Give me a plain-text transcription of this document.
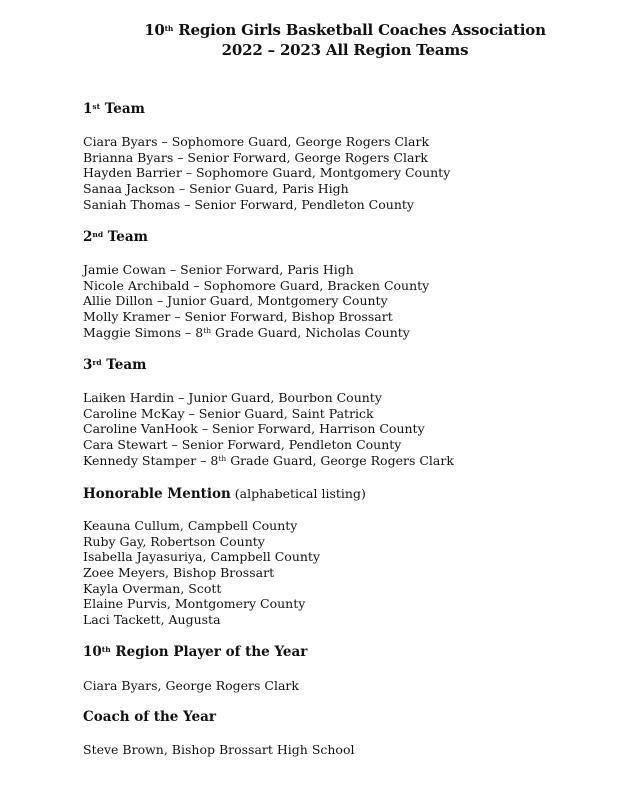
10th Region Girls Basketball Coaches Association
2022 – 2023 All Region Teams
1st Team
Ciara Byars – Sophomore Guard, George Rogers Clark
Brianna Byars – Senior Forward, George Rogers Clark
Hayden Barrier – Sophomore Guard, Montgomery County
Sanaa Jackson – Senior Guard, Paris High
Saniah Thomas – Senior Forward, Pendleton County
2nd Team
Jamie Cowan – Senior Forward, Paris High
Nicole Archibald – Sophomore Guard, Bracken County
Allie Dillon – Junior Guard, Montgomery County
Molly Kramer – Senior Forward, Bishop Brossart
Maggie Simons – 8th Grade Guard, Nicholas County
3rd Team
Laiken Hardin – Junior Guard, Bourbon County
Caroline McKay – Senior Guard, Saint Patrick
Caroline VanHook – Senior Forward, Harrison County
Cara Stewart – Senior Forward, Pendleton County
Kennedy Stamper – 8th Grade Guard, George Rogers Clark
Honorable Mention (alphabetical listing)
Keauna Cullum, Campbell County
Ruby Gay, Robertson County
Isabella Jayasuriya, Campbell County
Zoee Meyers, Bishop Brossart
Kayla Overman, Scott
Elaine Purvis, Montgomery County
Laci Tackett, Augusta
10th Region Player of the Year
Ciara Byars, George Rogers Clark
Coach of the Year
Steve Brown, Bishop Brossart High School
